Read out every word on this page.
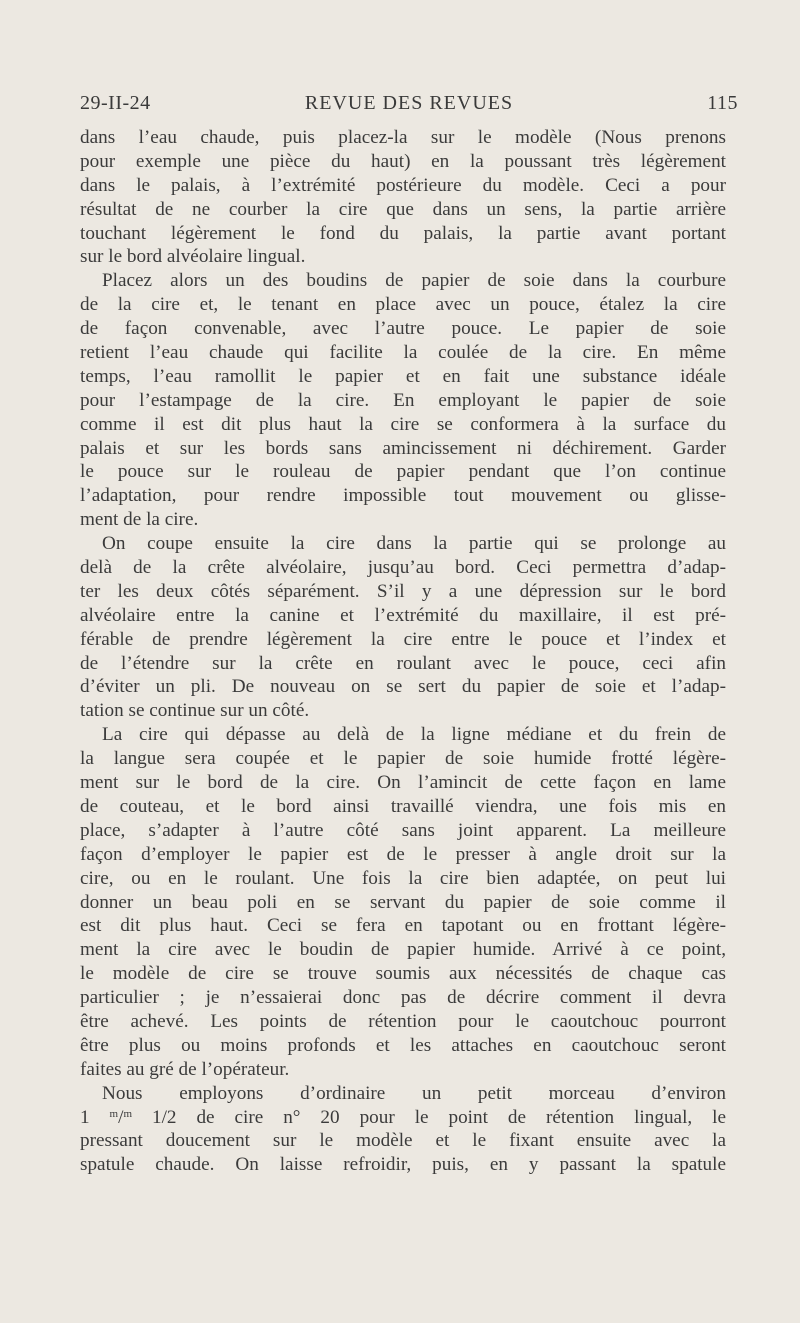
29-II-24	REVUE DES REVUES	115
dans l’eau chaude, puis placez-la sur le modèle (Nous prenons
pour exemple une pièce du haut) en la poussant très légèrement
dans le palais, à l’extrémité postérieure du modèle. Ceci a pour
résultat de ne courber la cire que dans un sens, la partie arrière
touchant légèrement le fond du palais, la partie avant portant
sur le bord alvéolaire lingual.
Placez alors un des boudins de papier de soie dans la courbure
de la cire et, le tenant en place avec un pouce, étalez la cire
de façon convenable, avec l’autre pouce. Le papier de soie
retient l’eau chaude qui facilite la coulée de la cire. En même
temps, l’eau ramollit le papier et en fait une substance idéale
pour l’estampage de la cire. En employant le papier de soie
comme il est dit plus haut la cire se conformera à la surface du
palais et sur les bords sans amincissement ni déchirement. Garder
le pouce sur le rouleau de papier pendant que l’on continue
l’adaptation, pour rendre impossible tout mouvement ou glisse-
ment de la cire.
On coupe ensuite la cire dans la partie qui se prolonge au
delà de la crête alvéolaire, jusqu’au bord. Ceci permettra d’adap-
ter les deux côtés séparément. S’il y a une dépression sur le bord
alvéolaire entre la canine et l’extrémité du maxillaire, il est pré-
férable de prendre légèrement la cire entre le pouce et l’index et
de l’étendre sur la crête en roulant avec le pouce, ceci afin
d’éviter un pli. De nouveau on se sert du papier de soie et l’adap-
tation se continue sur un côté.
La cire qui dépasse au delà de la ligne médiane et du frein de
la langue sera coupée et le papier de soie humide frotté légère-
ment sur le bord de la cire. On l’amincit de cette façon en lame
de couteau, et le bord ainsi travaillé viendra, une fois mis en
place, s’adapter à l’autre côté sans joint apparent. La meilleure
façon d’employer le papier est de le presser à angle droit sur la
cire, ou en le roulant. Une fois la cire bien adaptée, on peut lui
donner un beau poli en se servant du papier de soie comme il
est dit plus haut. Ceci se fera en tapotant ou en frottant légère-
ment la cire avec le boudin de papier humide. Arrivé à ce point,
le modèle de cire se trouve soumis aux nécessités de chaque cas
particulier ; je n’essaierai donc pas de décrire comment il devra
être achevé. Les points de rétention pour le caoutchouc pourront
être plus ou moins profonds et les attaches en caoutchouc seront
faites au gré de l’opérateur.
Nous employons d’ordinaire un petit morceau d’environ
1 $^m$/$^m$ 1/2 de cire n° 20 pour le point de rétention lingual, le
pressant doucement sur le modèle et le fixant ensuite avec la
spatule chaude. On laisse refroidir, puis, en y passant la spatule
